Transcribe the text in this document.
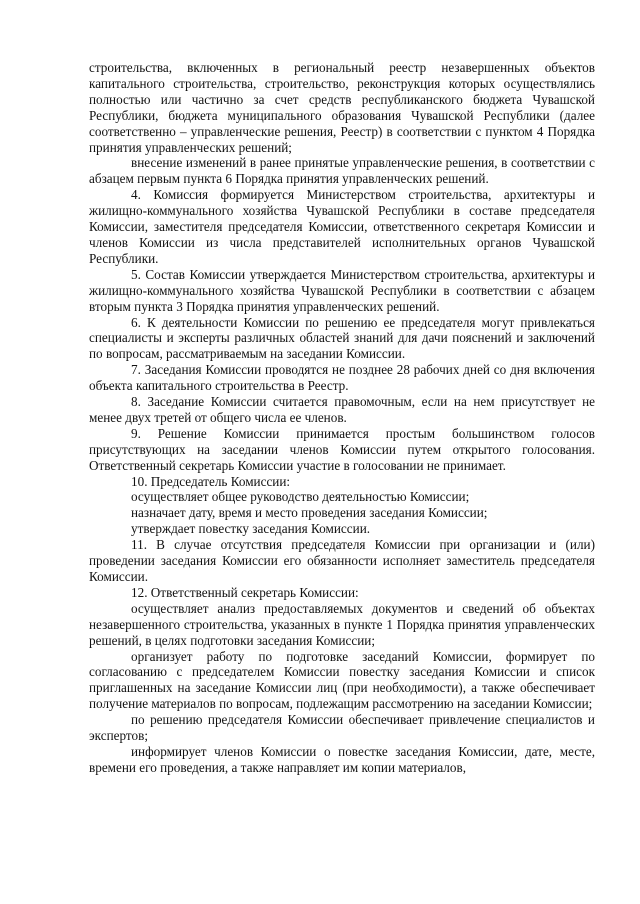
строительства, включенных в региональный реестр незавершенных объектов капитального строительства, строительство, реконструкция которых осуществлялись полностью или частично за счет средств республиканского бюджета Чувашской Республики, бюджета муниципального образования Чувашской Республики (далее соответственно – управленческие решения, Реестр) в соответствии с пунктом 4 Порядка принятия управленческих решений;

внесение изменений в ранее принятые управленческие решения, в соответствии с абзацем первым пункта 6 Порядка принятия управленческих решений.

4. Комиссия формируется Министерством строительства, архитектуры и жилищно-коммунального хозяйства Чувашской Республики в составе председателя Комиссии, заместителя председателя Комиссии, ответственного секретаря Комиссии и членов Комиссии из числа представителей исполнительных органов Чувашской Республики.

5. Состав Комиссии утверждается Министерством строительства, архитектуры и жилищно-коммунального хозяйства Чувашской Республики в соответствии с абзацем вторым пункта 3 Порядка принятия управленческих решений.

6. К деятельности Комиссии по решению ее председателя могут привлекаться специалисты и эксперты различных областей знаний для дачи пояснений и заключений по вопросам, рассматриваемым на заседании Комиссии.

7. Заседания Комиссии проводятся не позднее 28 рабочих дней со дня включения объекта капитального строительства в Реестр.

8. Заседание Комиссии считается правомочным, если на нем присутствует не менее двух третей от общего числа ее членов.

9. Решение Комиссии принимается простым большинством голосов присутствующих на заседании членов Комиссии путем открытого голосования. Ответственный секретарь Комиссии участие в голосовании не принимает.

10. Председатель Комиссии:

осуществляет общее руководство деятельностью Комиссии;

назначает дату, время и место проведения заседания Комиссии;

утверждает повестку заседания Комиссии.

11. В случае отсутствия председателя Комиссии при организации и (или) проведении заседания Комиссии его обязанности исполняет заместитель председателя Комиссии.

12. Ответственный секретарь Комиссии:

осуществляет анализ предоставляемых документов и сведений об объектах незавершенного строительства, указанных в пункте 1 Порядка принятия управленческих решений, в целях подготовки заседания Комиссии;

организует работу по подготовке заседаний Комиссии, формирует по согласованию с председателем Комиссии повестку заседания Комиссии и список приглашенных на заседание Комиссии лиц (при необходимости), а также обеспечивает получение материалов по вопросам, подлежащим рассмотрению на заседании Комиссии;

по решению председателя Комиссии обеспечивает привлечение специалистов и экспертов;

информирует членов Комиссии о повестке заседания Комиссии, дате, месте, времени его проведения, а также направляет им копии материалов,
